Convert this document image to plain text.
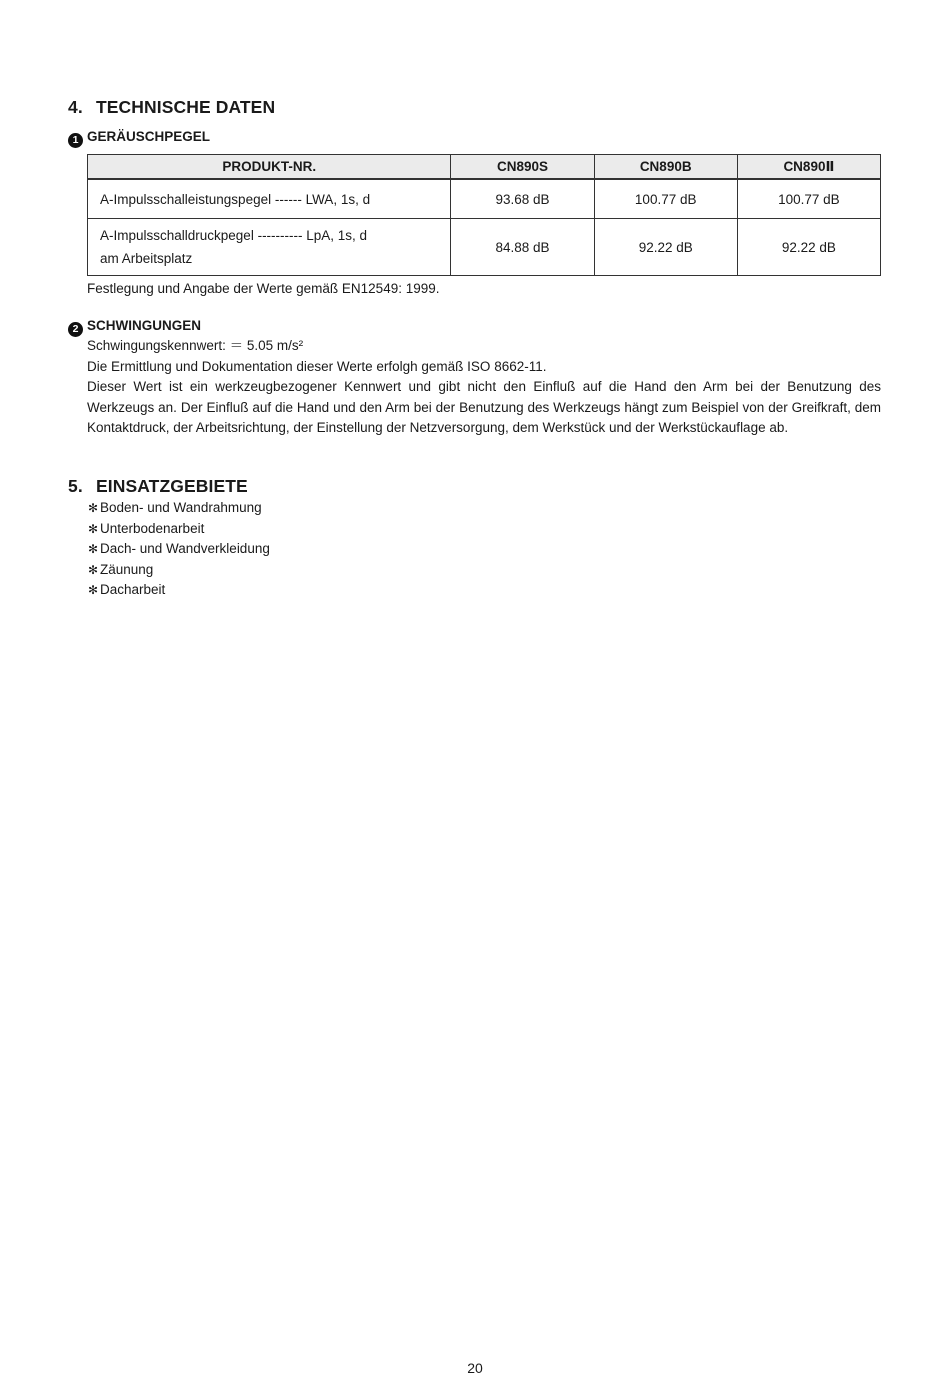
4. TECHNISCHE DATEN
1 GERÄUSCHPEGEL
PRODUKT-NR.	CN890S	CN890B	CN890Ⅱ

A-Impulsschalleistungspegel ------ LWA, 1s, d	93.68 dB	100.77 dB	100.77 dB

A-Impulsschalldruckpegel ---------- LpA, 1s, d
am Arbeitsplatz	84.88 dB	92.22 dB	92.22 dB
Festlegung und Angabe der Werte gemäß EN12549: 1999.
2 SCHWINGUNGEN
Schwingungskennwert: ＝ 5.05 m/s²
Die Ermittlung und Dokumentation dieser Werte erfolgh gemäß ISO 8662-11.
Dieser Wert ist ein werkzeugbezogener Kennwert und gibt nicht den Einfluß auf die Hand den Arm bei der Benutzung des Werkzeugs an. Der Einfluß auf die Hand und den Arm bei der Benutzung des Werkzeugs hängt zum Beispiel von der Greifkraft, dem Kontaktdruck, der Arbeitsrichtung, der Einstellung der Netzversorgung, dem Werkstück und der Werkstückauflage ab.
5. EINSATZGEBIETE
✻ Boden- und Wandrahmung
✻ Unterbodenarbeit
✻ Dach- und Wandverkleidung
✻ Zäunung
✻ Dacharbeit
20
